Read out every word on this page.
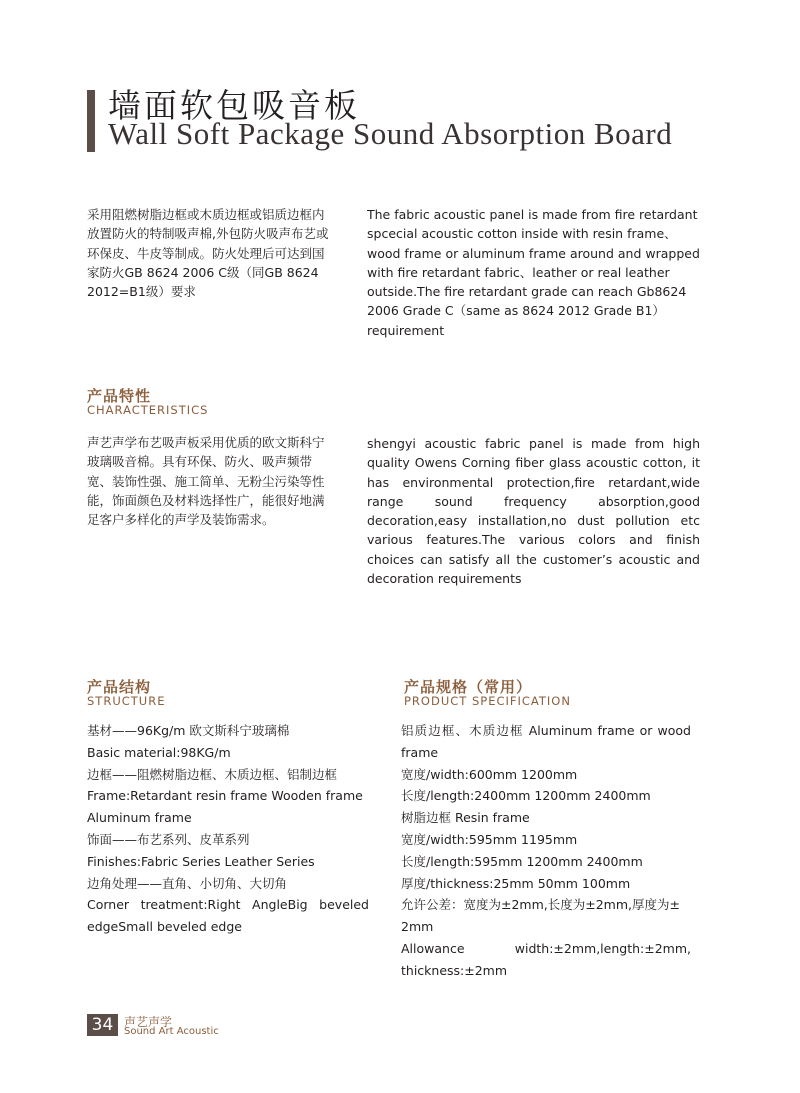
墙面软包吸音板
Wall Soft Package Sound Absorption Board
采用阻燃树脂边框或木质边框或铝质边框内
放置防火的特制吸声棉,外包防火吸声布艺或
环保皮、牛皮等制成。防火处理后可达到国
家防火GB 8624 2006 C级（同GB 8624
2012=B1级）要求
The fabric acoustic panel is made from fire retardant
spcecial acoustic cotton inside with resin frame、
wood frame or aluminum frame around and wrapped
with fire retardant fabric、leather or real leather
outside.The fire retardant grade can reach Gb8624
2006 Grade C（same as 8624 2012 Grade B1）
requirement
产品特性
CHARACTERISTICS
声艺声学布艺吸声板采用优质的欧文斯科宁
玻璃吸音棉。具有环保、防火、吸声频带
宽、装饰性强、施工简单、无粉尘污染等性
能，饰面颜色及材料选择性广，能很好地满
足客户多样化的声学及装饰需求。
shengyi acoustic fabric panel is made from high
quality Owens Corning fiber glass acoustic cotton, it
has environmental protection,fire retardant,wide
range sound frequency absorption,good
decoration,easy installation,no dust pollution etc
various features.The various colors and finish
choices can satisfy all the customer’s acoustic and
decoration requirements
产品结构
STRUCTURE
基材——96Kg/m 欧文斯科宁玻璃棉
Basic material:98KG/m
边框——阻燃树脂边框、木质边框、铝制边框
Frame:Retardant resin frame Wooden frame
Aluminum frame
饰面——布艺系列、皮革系列
Finishes:Fabric Series Leather Series
边角处理——直角、小切角、大切角
Corner treatment:Right AngleBig beveled
edgeSmall beveled edge
产品规格（常用）
PRODUCT SPECIFICATION
铝质边框、木质边框 Aluminum frame or wood
frame
宽度/width:600mm 1200mm
长度/length:2400mm 1200mm 2400mm
树脂边框 Resin frame
宽度/width:595mm 1195mm
长度/length:595mm 1200mm 2400mm
厚度/thickness:25mm 50mm 100mm
允许公差：宽度为±2mm,长度为±2mm,厚度为±
2mm
Allowance width:±2mm,length:±2mm,
thickness:±2mm
34 声艺声学
Sound Art Acoustic
